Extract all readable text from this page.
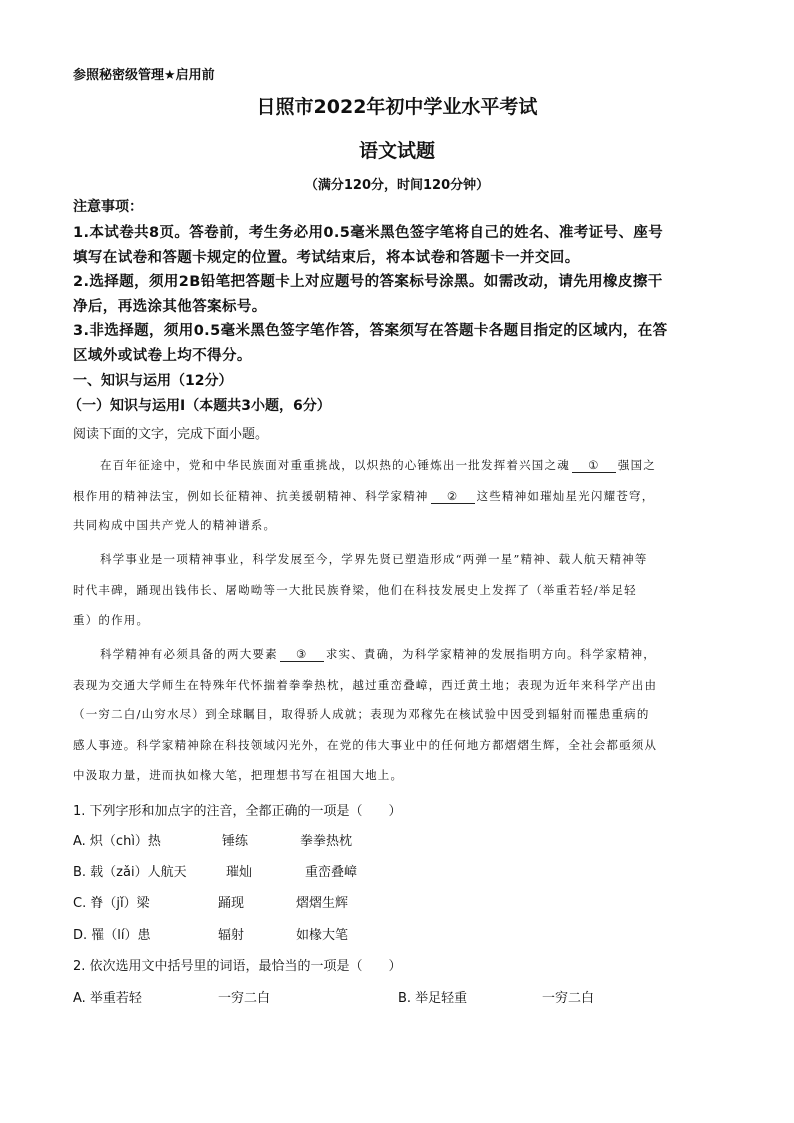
参照秘密级管理★启用前
日照市2022年初中学业水平考试
语文试题
（满分120分，时间120分钟）
注意事项：
1.本试卷共8页。答卷前，考生务必用0.5毫米黑色签字笔将自己的姓名、准考证号、座号
填写在试卷和答题卡规定的位置。考试结束后，将本试卷和答题卡一并交回。
2.选择题，须用2B铅笔把答题卡上对应题号的答案标号涂黑。如需改动，请先用橡皮擦干
净后，再选涂其他答案标号。
3.非选择题，须用0.5毫米黑色签字笔作答，答案须写在答题卡各题目指定的区域内，在答
区域外或试卷上均不得分。
一、知识与运用（12分）
（一）知识与运用Ⅰ（本题共3小题，6分）
阅读下面的文字，完成下面小题。
在百年征途中，党和中华民族面对重重挑战，以炽热的心锤炼出一批发挥着兴国之魂 ① 强国之
根作用的精神法宝，例如长征精神、抗美援朝精神、科学家精神 ② 这些精神如璀灿星光闪耀苍穹，
共同构成中国共产党人的精神谱系。
科学事业是一项精神事业，科学发展至今，学界先贤已塑造形成“两弹一星”精神、载人航天精神等
时代丰碑，踊现出钱伟长、屠呦呦等一大批民族脊梁，他们在科技发展史上发挥了（举重若轻/举足轻
重）的作用。
科学精神有必须具备的两大要素 ③ 求实、責确，为科学家精神的发展指明方向。科学家精神，
表现为交通大学师生在特殊年代怀揣着拳拳热枕，越过重峦叠嶂，西迁黄土地；表现为近年来科学产出由
（一穷二白/山穷水尽）到全球瞩目，取得骄人成就；表现为邓稼先在核试验中因受到辐射而罹患重病的
感人事迹。科学家精神除在科技领域闪光外，在党的伟大事业中的任何地方都熠熠生辉，全社会都亟须从
中汲取力量，进而执如椽大笔，把理想书写在祖国大地上。
1. 下列字形和加点字的注音，全都正确的一项是（　　）
A. 炽（chì）热	锤练	拳拳热枕
B. 载（zǎi）人航天	璀灿	重峦叠嶂
C. 脊（jǐ）梁	踊现	熠熠生辉
D. 罹（lí）患	辐射	如椽大笔
2. 依次选用文中括号里的词语，最恰当的一项是（　　）
A. 举重若轻	一穷二白	B. 举足轻重	一穷二白
